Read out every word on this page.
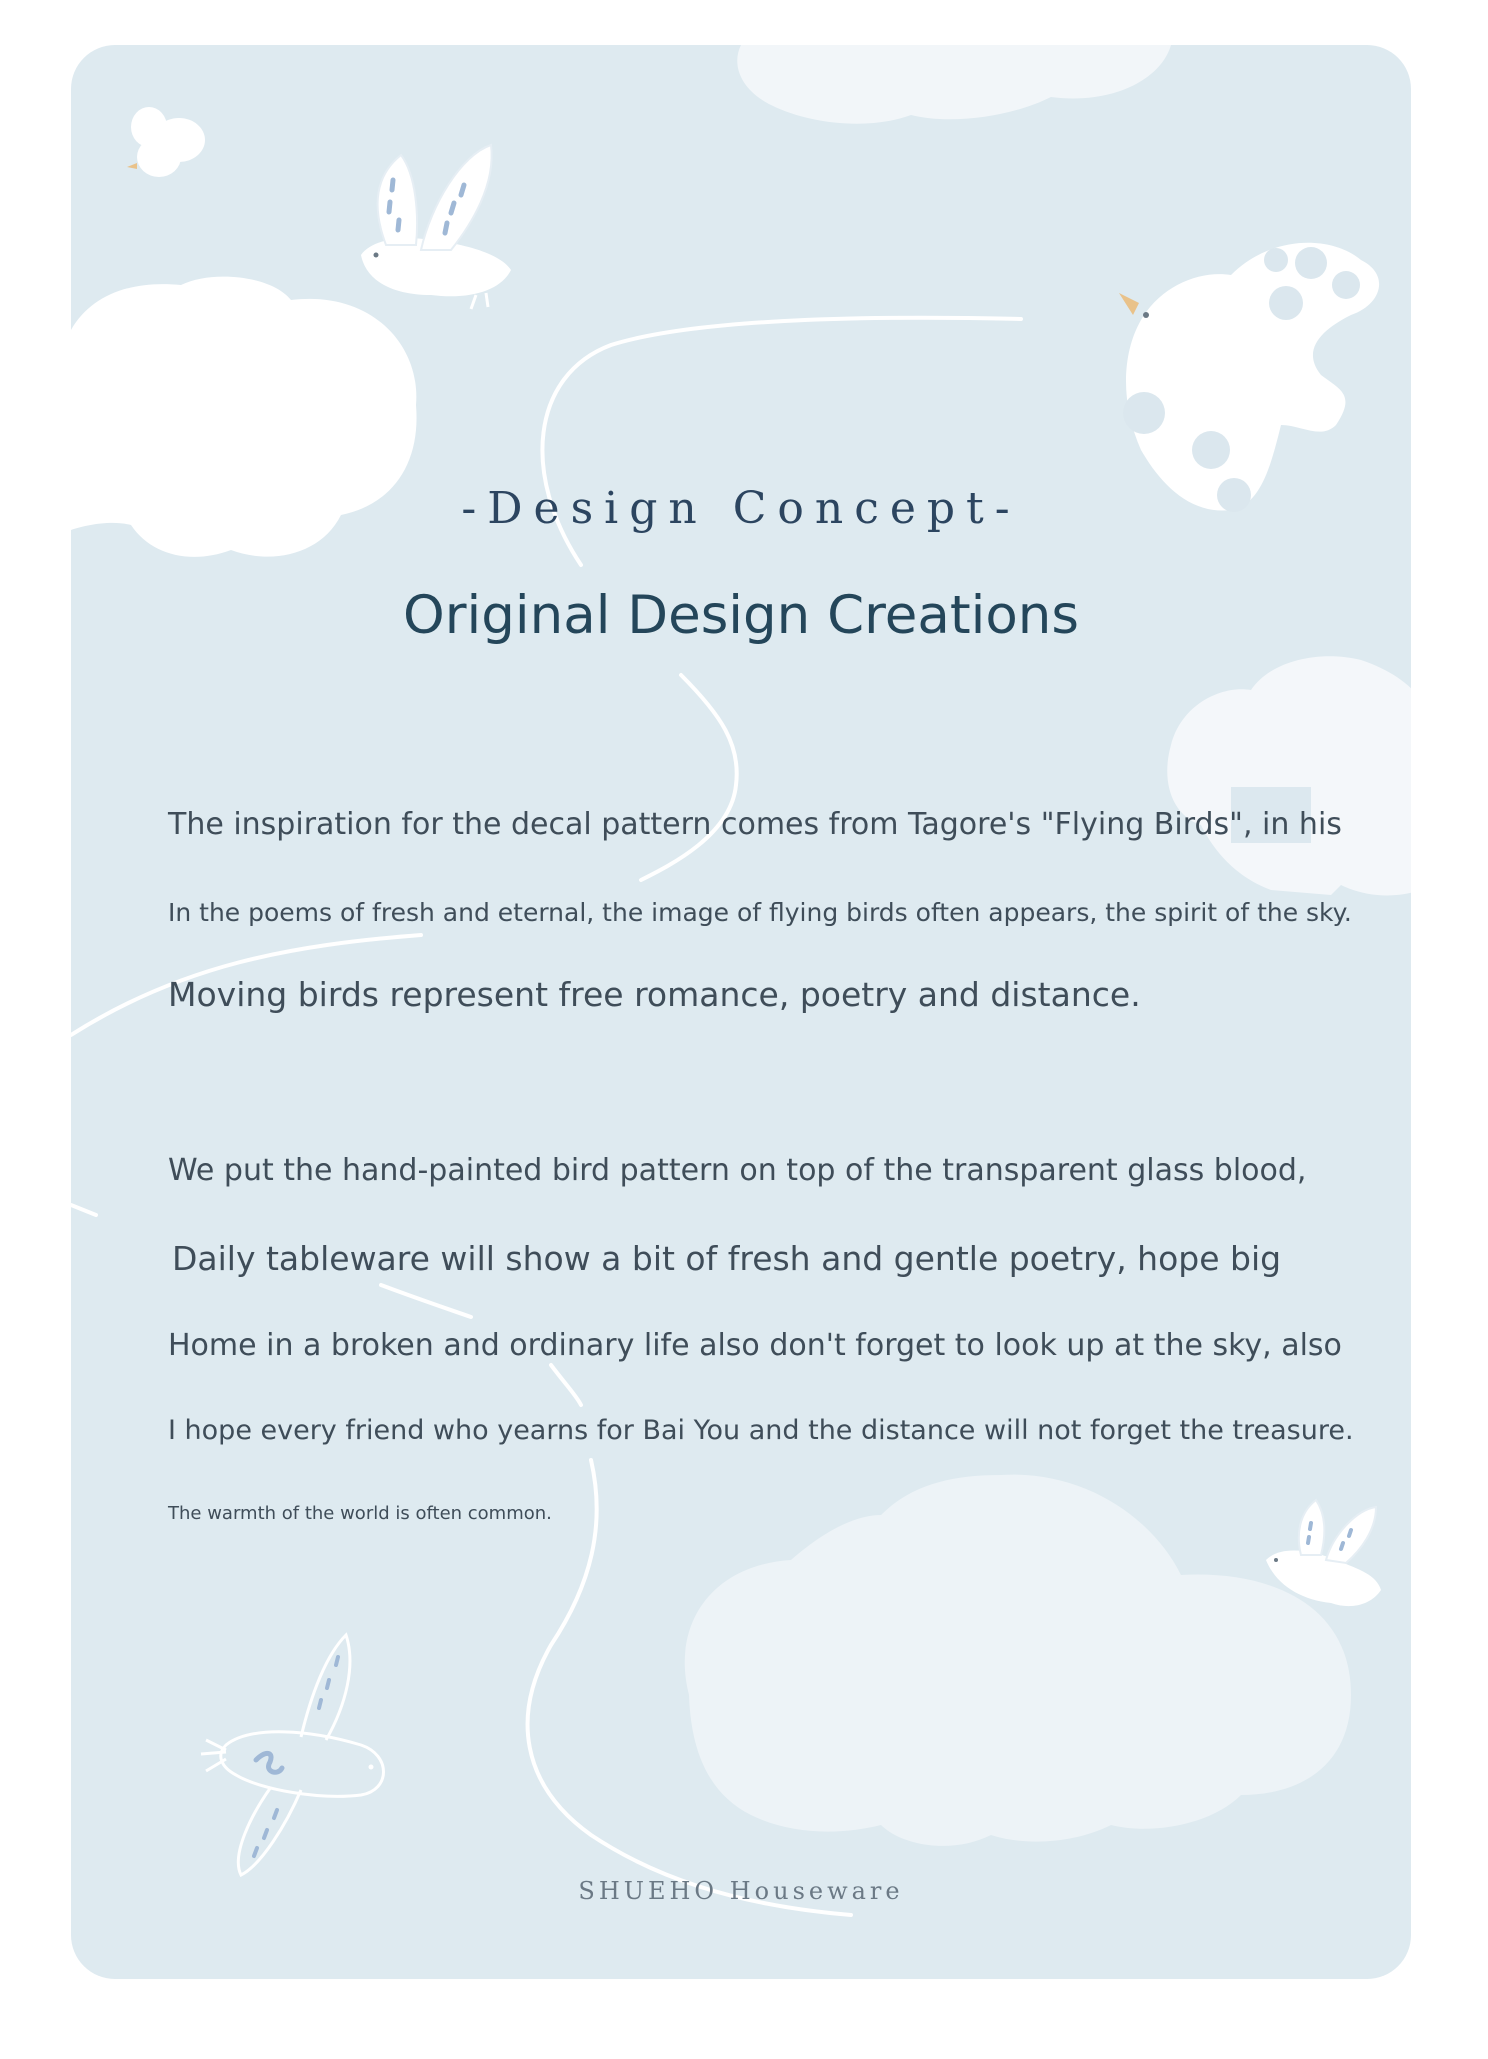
-Design Concept-
Original Design Creations
The inspiration for the decal pattern comes from Tagore's "Flying Birds", in his
In the poems of fresh and eternal, the image of flying birds often appears, the spirit of the sky.
Moving birds represent free romance, poetry and distance.
We put the hand-painted bird pattern on top of the transparent glass blood,
Daily tableware will show a bit of fresh and gentle poetry, hope big
Home in a broken and ordinary life also don't forget to look up at the sky, also
I hope every friend who yearns for Bai You and the distance will not forget the treasure.
The warmth of the world is often common.
SHUEHO Houseware
